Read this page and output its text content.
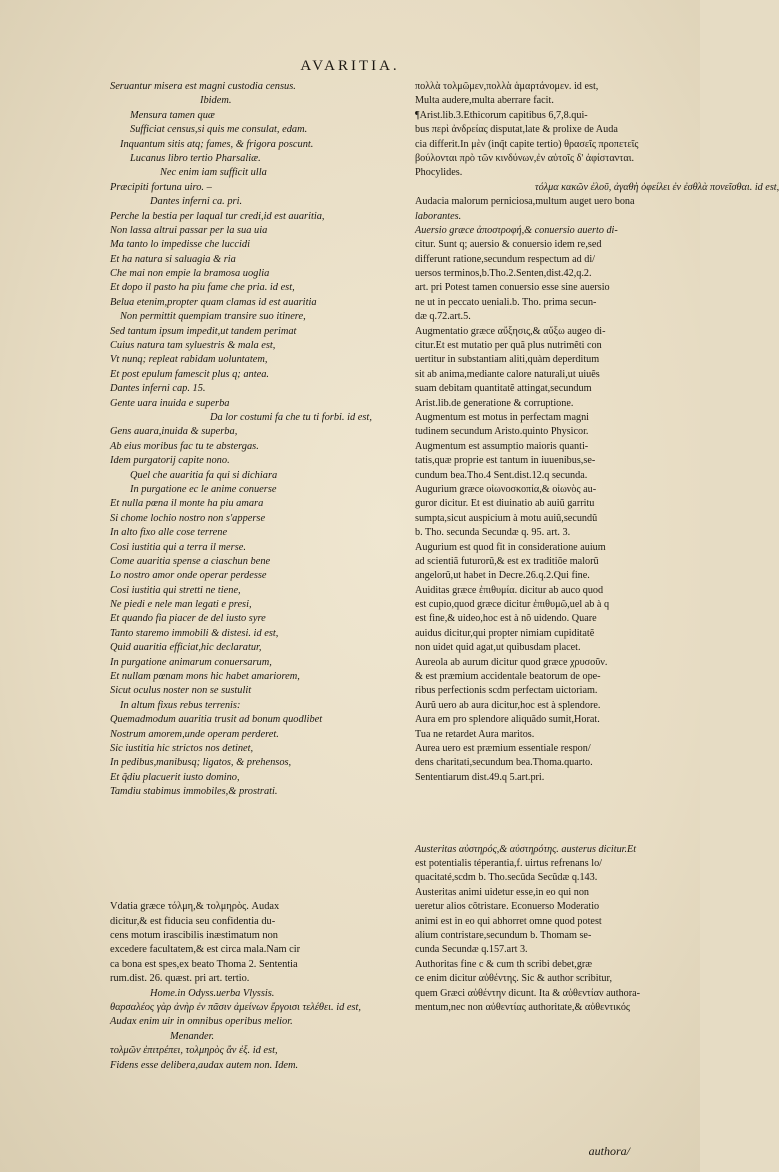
AVARITIA.
Seruantur misera est magni custodia census.
Ibidem.
Mensura tamen quæ
Sufficiat census,si quis me consulat, edam.
Inquantum sitis atq; fames, & frigora poscunt.
Lucanus libro tertio Pharsaliæ.
Nec enim iam sufficit ulla
Præcipiti fortuna uiro. –
Dantes inferni ca. pri.
Perche la bestia per laqual tur credi,id est auaritia,
Non lassa altrui passar per la sua uia
Ma tanto lo impedisse che luccidi
Et ha natura si saluagia & ria
Che mai non empie la bramosa uoglia
Et dopo il pasto ha piu fame che pria. id est,
Belua etenim,propter quam clamas id est auaritia
Non permittit quempiam transire suo itinere,
Sed tantum ipsum impedit,ut tandem perimat
Cuius natura tam syluestris & mala est,
Vt nunq; repleat rabidam uoluntatem,
Et post epulum famescit plus q; antea.
Dantes inferni cap. 15.
Gente uara inuida e superba
Da lor costumi fa che tu ti forbi. id est,
Gens auara,inuida & superba,
Ab eius moribus fac tu te abstergas.
Idem purgatorij capite nono.
Quel che auaritia fa qui si dichiara
In purgatione ec le anime conuerse
Et nulla pœna il monte ha piu amara
Si chome lochio nostro non s'apperse
In alto fixo alle cose terrene
Cosi iustitia qui a terra il merse.
Come auaritia spense a ciaschun bene
Lo nostro amor onde operar perdesse
Cosi iustitia qui stretti ne tiene,
Ne piedi e nele man legati e presi,
Et quando fia piacer de del iusto syre
Tanto staremo immobili & distesi. id est,
Quid auaritia efficiat,hic declaratur,
In purgatione animarum conuersarum,
Et nullam pœnam mons hic habet amariorem,
Sicut oculus noster non se sustulit
In altum fixus rebus terrenis:
Quemadmodum auaritia trusit ad bonum quodlibet
Nostrum amorem,unde operam perderet.
Sic iustitia hic strictos nos detinet,
In pedibus,manibusq; ligatos, & prehensos,
Et q̃diu placuerit iusto domino,
Tamdiu stabimus immobiles,& prostrati.
Vdatia græce τόλμη,& τολμηρὸς. Audax
dicitur,& est fiducia seu confidentia du-
cens motum irascibilis inæstimatum non
excedere facultatem,& est circa mala.Nam cir
ca bona est spes,ex beato Thoma 2. Sententia
rum.dist. 26. quæst. pri art. tertio.
Home.in Odyss.uerba Vlyssis.
θαρσαλέος γὰρ ἀνὴρ ἐν πᾶσιν ἀμείνων ἔργοισι τελέθει. id est,
Audax enim uir in omnibus operibus melior.
Menander.
τολμῶν ἐπιτρέπει, τολμηρὸς ἂν ἐξ. id est,
Fidens esse delibera,audax autem non. Idem.
πολλὰ τολμῶμεν,πολλὰ ἁμαρτάνομεν. id est,
Multa audere,multa aberrare facit.
¶Arist.lib.3.Ethicorum capitibus 6,7,8.qui-
bus περὶ ἀνδρείας disputat,late & prolixe de Auda
cia differit.In μὲν (inq̃t capite tertio) θρασεῖς προπετεῖς
βούλονται πρὸ τῶν κινδύνων,ἐν αὐτοῖς δ' ἀφίστανται.
Phocylides.
τόλμα κακῶν ἐλοῦ, ἀγαθὴ ὀφείλει ἐν ἐσθλὰ πονεῖσθαι. id est,
Audacia malorum perniciosa,multum auget uero bona
laborantes.
Auersio græce ἀποστροφή,& conuersio auerto di-
citur. Sunt q; auersio & conuersio idem re,sed
differunt ratione,secundum respectum ad di/
uersos terminos,b.Tho.2.Senten,dist.42,q.2.
art. pri Potest tamen conuersio esse sine auersio
ne ut in peccato ueniali.b. Tho. prima secun-
dæ q.72.art.5.
Augmentatio græce αὔξησις,& αὔξω augeo di-
citur.Et est mutatio per quã plus nutrimẽti con
uertitur in substantiam aliti,quàm deperditum
sit ab anima,mediante calore naturali,ut uiuẽs
suam debitam quantitatẽ attingat,secundum
Arist.lib.de generatione & corruptione.
Augmentum est motus in perfectam magni
tudinem secundum Aristo.quinto Physicor.
Augmentum est assumptio maioris quanti-
tatis,quæ proprie est tantum in iuuenibus,se-
cundum bea.Tho.4 Sent.dist.12.q secunda.
Augurium græce οἰωνοσκοπία,& οἰωνὸς au-
guror dicitur. Et est diuinatio ab auiũ garritu
sumpta,sicut auspicium à motu auiũ,secundũ
b. Tho. secunda Secundæ q. 95. art. 3.
Augurium est quod fit in consideratione auium
ad scientiã futurorũ,& est ex traditiõe malorũ
angelorũ,ut habet in Decre.26.q.2.Qui fine.
Auiditas græce ἐπιθυμία. dicitur ab auco quod
est cupio,quod græce dicitur ἐπιθυμῶ,uel ab à q
est fine,& uideo,hoc est à nõ uidendo. Quare
auidus dicitur,qui propter nimiam cupiditatẽ
non uidet quid agat,ut quibusdam placet.
Aureola ab aurum dicitur quod græce χρυσοῦν.
& est præmium accidentale beatorum de ope-
ribus perfectionis scdm perfectam uictoriam.
Aurũ uero ab aura dicitur,hoc est à splendore.
Aura em pro splendore aliquãdo sumit,Horat.
Tua ne retardet Aura maritos.
Aurea uero est præmium essentiale respon/
dens charitati,secundum bea.Thoma.quarto.
Sententiarum dist.49.q 5.art.pri.
Austeritas αὐστηρός,& αὐστηρότης. austerus dicitur.Et
est potentialis téperantia,f. uirtus refrenans lo/
quacitaté,scdm b. Tho.secũda Secũdæ q.143.
Austeritas animi uidetur esse,in eo qui non
ueretur alios cõtristare. Econuerso Moderatio
animi est in eo qui abhorret omne quod potest
alium contristare,secundum b. Thomam se-
cunda Secundæ q.157.art 3.
Authoritas fine c & cum th scribi debet,græ
ce enim dicitur αὐθέντης. Sic & author scribitur,
quem Græci αὐθέντην dicunt. Ita & αὐθεντίαν authora-
mentum,nec non αὐθεντίας authoritate,& αὐθεντικός
authora/
